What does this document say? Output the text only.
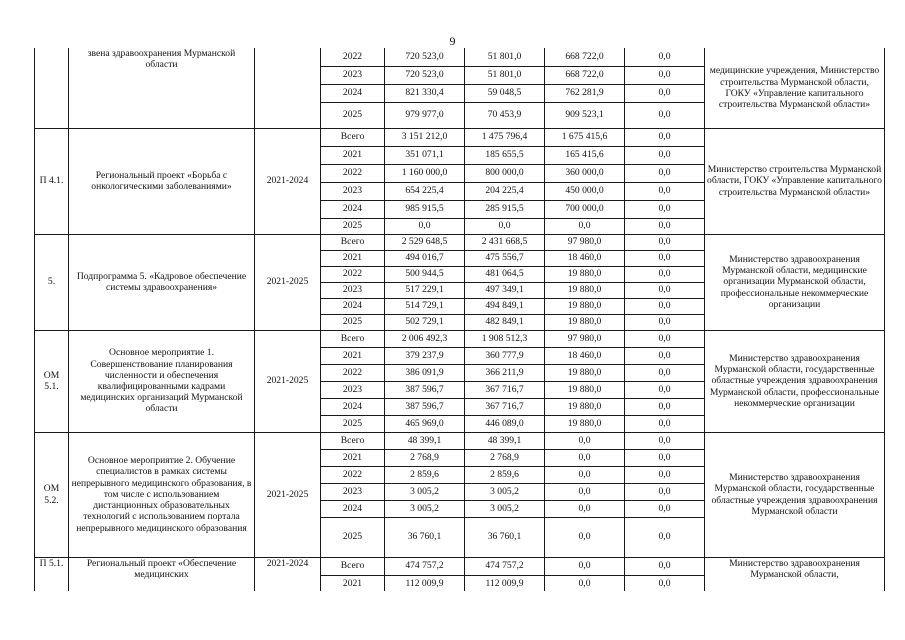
9
	звена здравоохранения Мурманской области		2022	720 523,0	51 801,0	668 722,0	0,0	медицинские учреждения, Министерство строительства Мурманской области, ГОКУ «Управление капитального строительства Мурманской области»
			2023	720 523,0	51 801,0	668 722,0	0,0	
			2024	821 330,4	59 048,5	762 281,9	0,0	
			2025	979 977,0	70 453,9	909 523,1	0,0	
П 4.1.	Региональный проект «Борьба с онкологическими заболеваниями»	2021-2024	Всего	3 151 212,0	1 475 796,4	1 675 415,6	0,0	Министерство строительства Мурманской области, ГОКУ «Управление капитального строительства Мурманской области»
			2021	351 071,1	185 655,5	165 415,6	0,0	
			2022	1 160 000,0	800 000,0	360 000,0	0,0	
			2023	654 225,4	204 225,4	450 000,0	0,0	
			2024	985 915,5	285 915,5	700 000,0	0,0	
			2025	0,0	0,0	0,0	0,0	
5.	Подпрограмма 5. «Кадровое обеспечение системы здравоохранения»	2021-2025	Всего	2 529 648,5	2 431 668,5	97 980,0	0,0	Министерство здравоохранения Мурманской области, медицинские организации Мурманской области, профессиональные некоммерческие организации
			2021	494 016,7	475 556,7	18 460,0	0,0	
			2022	500 944,5	481 064,5	19 880,0	0,0	
			2023	517 229,1	497 349,1	19 880,0	0,0	
			2024	514 729,1	494 849,1	19 880,0	0,0	
			2025	502 729,1	482 849,1	19 880,0	0,0	
ОМ 5.1.	Основное мероприятие 1. Совершенствование планирования численности и обеспечения квалифицированными кадрами медицинских организаций Мурманской области	2021-2025	Всего	2 006 492,3	1 908 512,3	97 980,0	0,0	Министерство здравоохранения Мурманской области, государственные областные учреждения здравоохранения Мурманской области, профессиональные некоммерческие организации
			2021	379 237,9	360 777,9	18 460,0	0,0	
			2022	386 091,9	366 211,9	19 880,0	0,0	
			2023	387 596,7	367 716,7	19 880,0	0,0	
			2024	387 596,7	367 716,7	19 880,0	0,0	
			2025	465 969,0	446 089,0	19 880,0	0,0	
ОМ 5.2.	Основное мероприятие 2. Обучение специалистов в рамках системы непрерывного медицинского образования, в том числе с использованием дистанционных образовательных технологий с использованием портала непрерывного медицинского образования	2021-2025	Всего	48 399,1	48 399,1	0,0	0,0	Министерство здравоохранения Мурманской области, государственные областные учреждения здравоохранения Мурманской области
			2021	2 768,9	2 768,9	0,0	0,0	
			2022	2 859,6	2 859,6	0,0	0,0	
			2023	3 005,2	3 005,2	0,0	0,0	
			2024	3 005,2	3 005,2	0,0	0,0	
			2025	36 760,1	36 760,1	0,0	0,0	
П 5.1.	Региональный проект «Обеспечение медицинских	2021-2024	Всего	474 757,2	474 757,2	0,0	0,0	Министерство здравоохранения Мурманской области,
			2021	112 009,9	112 009,9	0,0	0,0	
